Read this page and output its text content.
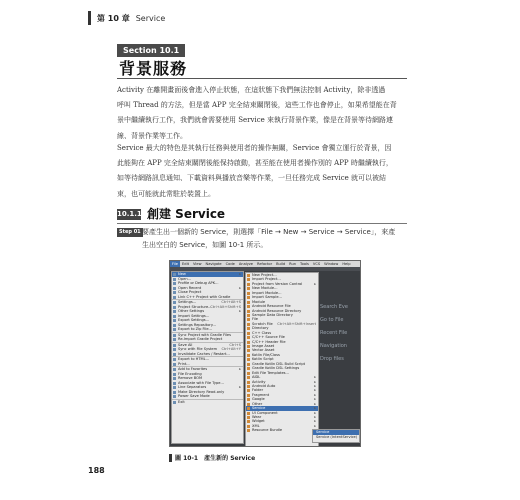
第 10 章 Service
Section 10.1
背景服務
Activity 在離開畫面後會進入停止狀態，在這狀態下我們無法控制 Activity，除非透過
呼叫 Thread 的方法，但是當 APP 完全結束關閉後，這些工作也會停止，如果希望能在背
景中繼續執行工作，我們就會需要使用 Service 來執行背景作業，像是在背景等待網路連
線、背景作業等工作。
Service 最大的特色是其執行任務與使用者的操作無關，Service 會獨立運行於背景，因
此能夠在 APP 完全結束關閉後能保持啟動，甚至能在使用者操作別的 APP 時繼續執行，
如等待網路訊息通知、下載資料與播放音樂等作業，一旦任務完成 Service 就可以被結
束，也可能就此常駐於裝置上。
10.1.1 創建 Service
Step 01 要產生出一個新的 Service，則選擇「File → New → Service → Service」，來產
生出空白的 Service，如圖 10-1 所示。
File	Edit	View	Navigate	Code	Analyze	Refactor	Build	Run	Tools	VCS	Window	Help
Search Eve
Go to File
Recent File
Navigation
Drop files
New	▸
Open...
Profile or Debug APK...
Open Recent	▸
Close Project
Link C++ Project with Gradle
Settings...	Ctrl+Alt+S
Project Structure...
Ctrl+Alt+Shift+S
Other Settings	▸
Import Settings...
Export Settings...
Settings Repository...
Export to Zip File...
Sync Project with Gradle Files
Re-Import Gradle Project
Save All	Ctrl+S
Sync with File System Ctrl+Alt+Y
Invalidate Caches / Restart...
Export to HTML...
Print...
Add to Favorites	▸
File Encoding
Remove BOM
Associate with File Type...
Line Separators	▸
Make Directory Read-only
Power Save Mode
Exit
New Project...
Import Project...
Project from Version Control	▸
New Module...
Import Module...
Import Sample...
Module
Android Resource File
Android Resource Directory
Sample Data Directory
File
Scratch File Ctrl+Alt+Shift+Insert
Directory
C++ Class
C/C++ Source File
C/C++ Header File
Image Asset
Vector Asset
Kotlin File/Class
Kotlin Script
Gradle Kotlin DSL Build Script
Gradle Kotlin DSL Settings
Edit File Templates...
AIDL	▸
Activity	▸
Android Auto	▸
Folder	▸
Fragment	▸
Google	▸
Other	▸
Service	▸
UI Component	▸
Wear	▸
Widget	▸
XML	▸
Resource Bundle	Service
Service (IntentService)
圖 10-1　產生新的 Service
188
